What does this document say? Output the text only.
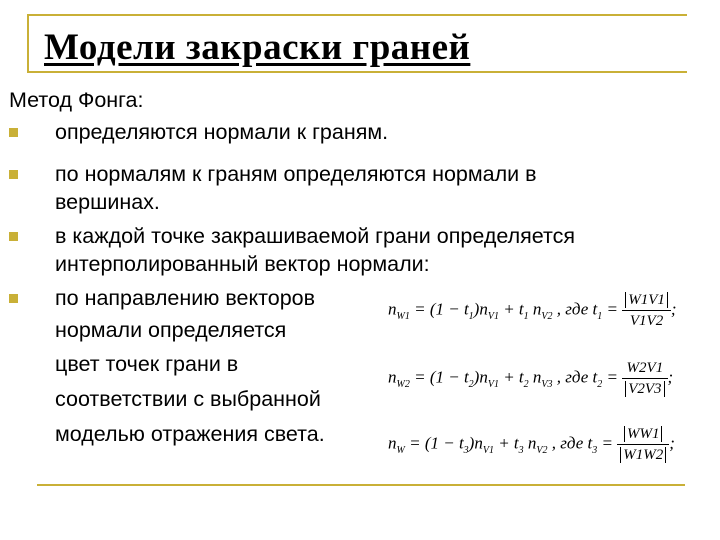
Модели закраски граней
Метод Фонга:
определяются нормали к граням.
по нормалям к граням определяются нормали в
вершинах.
в каждой точке закрашиваемой грани определяется
интерполированный вектор нормали:
по направлению векторов
нормали определяется
цвет точек грани в
соответствии с выбранной
моделью отражения света.
$n_{W1} = (1 - t_1)n_{V1} + t_1$ $n_{V2}$ , где $t_1 = \frac{W1V1}{V1V2}$ ;
$n_{W2} = (1 - t_2)n_{V1} + t_2$ $n_{V3}$ , где $t_2 = \frac{W2V1}{V2V3}$ ;
$n_W = (1 - t_3)n_{V1} + t_3$ $n_{V2}$ , где $t_3 = \frac{WW1}{W1W2}$ ;
